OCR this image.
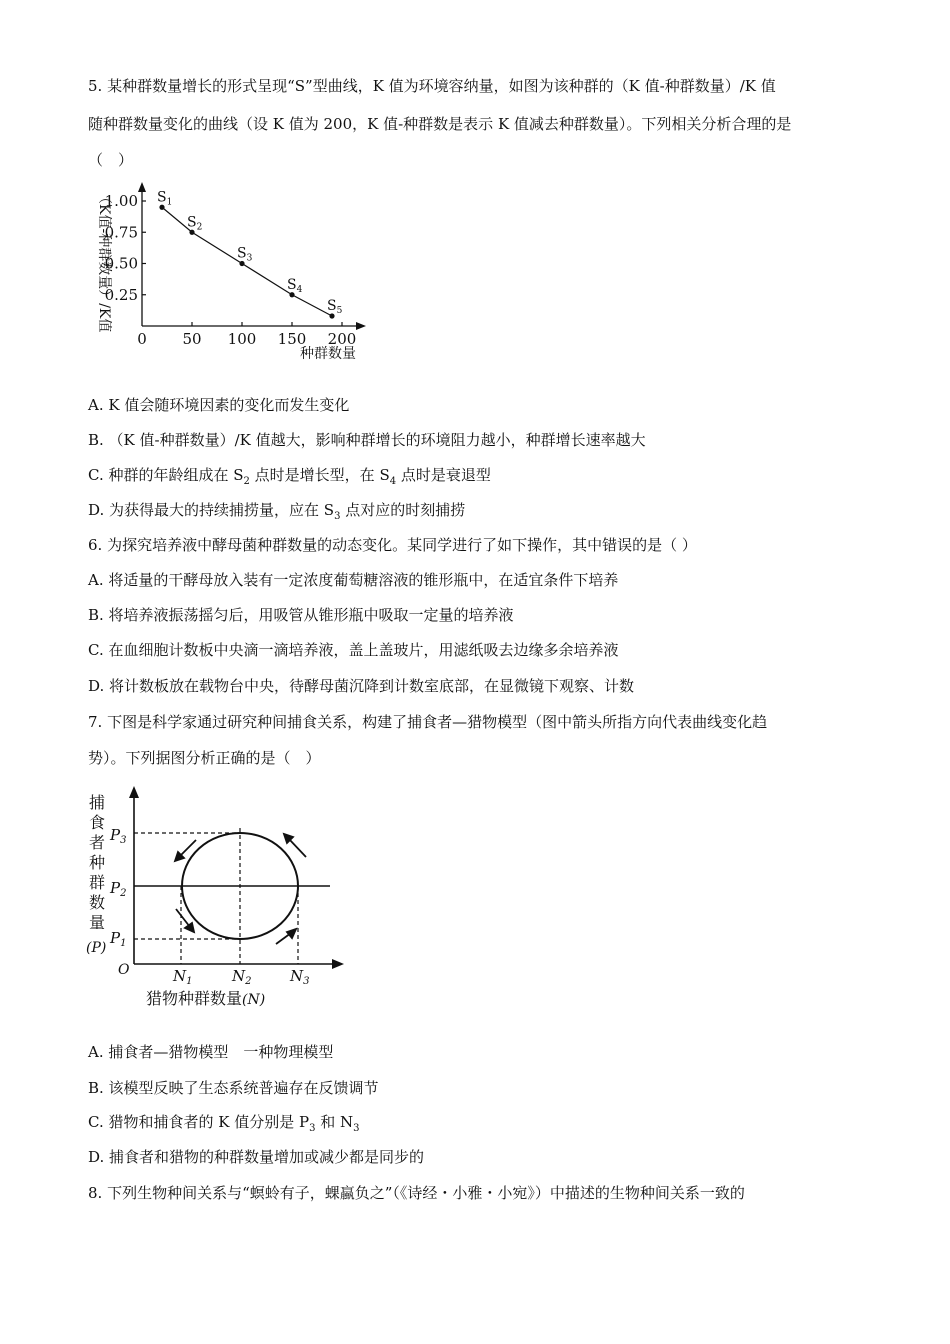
5. 某种群数量增长的形式呈现“S”型曲线，K 值为环境容纳量，如图为该种群的（K 值-种群数量）/K 值
随种群数量变化的曲线（设 K 值为 200，K 值-种群数是表示 K 值减去种群数量）。下列相关分析合理的是
（　）
（K值-种群数量）/K值
种群数量
0 50 100 150 200
1.00
0.75
0.50
0.25
$S_1$
$S_2$
$S_3$
$S_4$
$S_5$
A. K 值会随环境因素的变化而发生变化
B. （K 值-种群数量）/K 值越大，影响种群增长的环境阻力越小，种群增长速率越大
C. 种群的年龄组成在 $S_2$ 点时是增长型，在 $S_4$ 点时是衰退型
D. 为获得最大的持续捕捞量，应在 $S_3$ 点对应的时刻捕捞
6. 为探究培养液中酵母菌种群数量的动态变化。某同学进行了如下操作，其中错误的是（ ）
A. 将适量的干酵母放入装有一定浓度葡萄糖溶液的锥形瓶中，在适宜条件下培养
B. 将培养液振荡摇匀后，用吸管从锥形瓶中吸取一定量的培养液
C. 在血细胞计数板中央滴一滴培养液，盖上盖玻片，用滤纸吸去边缘多余培养液
D. 将计数板放在载物台中央，待酵母菌沉降到计数室底部，在显微镜下观察、计数
7. 下图是科学家通过研究种间捕食关系，构建了捕食者—猎物模型（图中箭头所指方向代表曲线变化趋
势）。下列据图分析正确的是（　）
捕
食
者
种
群
数
量
(P)
O
$P_3$
$P_2$
$P_1$
$N_1$	$N_2$	$N_3$
猎物种群数量(N)
A. 捕食者—猎物模型　一种物理模型
B. 该模型反映了生态系统普遍存在反馈调节
C. 猎物和捕食者的 K 值分别是 $P_3$ 和 $N_3$
D. 捕食者和猎物的种群数量增加或减少都是同步的
8. 下列生物种间关系与“螟蛉有子，蜾蠃负之”（《诗经・小雅・小宛》）中描述的生物种间关系一致的
